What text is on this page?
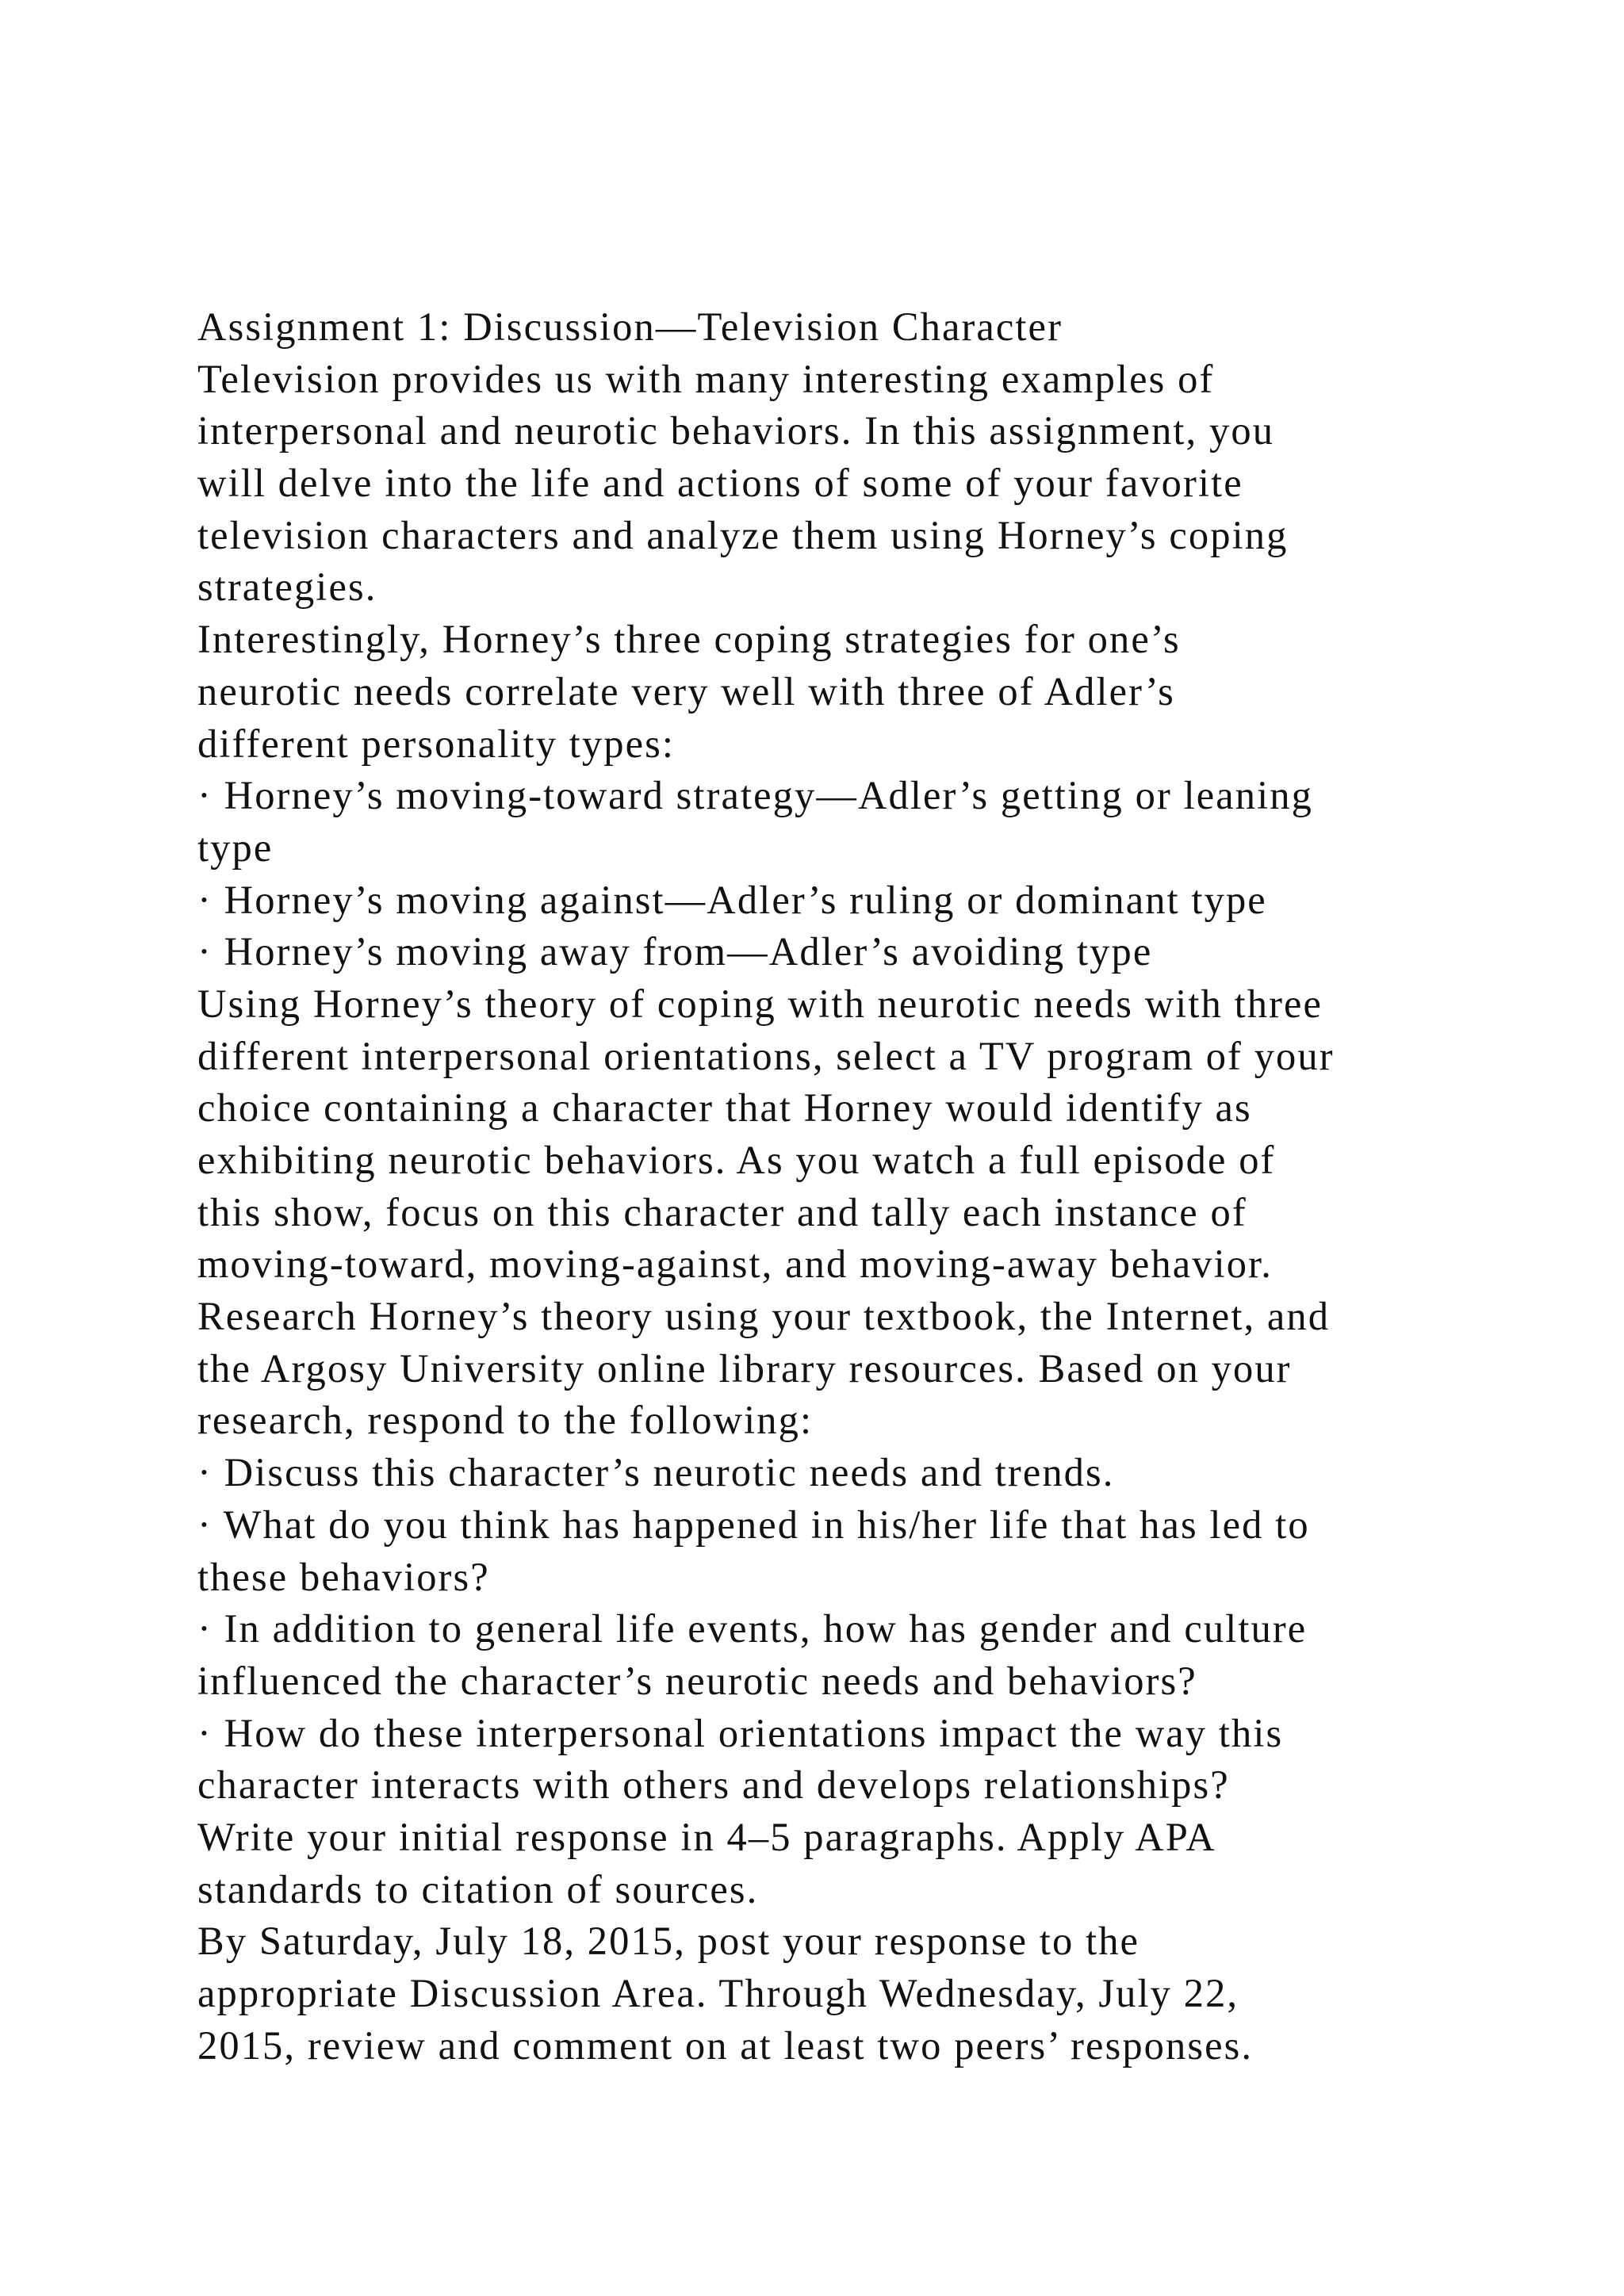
Assignment 1: Discussion—Television Character
Television provides us with many interesting examples of
interpersonal and neurotic behaviors. In this assignment, you
will delve into the life and actions of some of your favorite
television characters and analyze them using Horney’s coping
strategies.
Interestingly, Horney’s three coping strategies for one’s
neurotic needs correlate very well with three of Adler’s
different personality types:
· Horney’s moving-toward strategy—Adler’s getting or leaning
type
· Horney’s moving against—Adler’s ruling or dominant type
· Horney’s moving away from—Adler’s avoiding type
Using Horney’s theory of coping with neurotic needs with three
different interpersonal orientations, select a TV program of your
choice containing a character that Horney would identify as
exhibiting neurotic behaviors. As you watch a full episode of
this show, focus on this character and tally each instance of
moving-toward, moving-against, and moving-away behavior.
Research Horney’s theory using your textbook, the Internet, and
the Argosy University online library resources. Based on your
research, respond to the following:
· Discuss this character’s neurotic needs and trends.
· What do you think has happened in his/her life that has led to
these behaviors?
· In addition to general life events, how has gender and culture
influenced the character’s neurotic needs and behaviors?
· How do these interpersonal orientations impact the way this
character interacts with others and develops relationships?
Write your initial response in 4–5 paragraphs. Apply APA
standards to citation of sources.
By Saturday, July 18, 2015, post your response to the
appropriate Discussion Area. Through Wednesday, July 22,
2015, review and comment on at least two peers’ responses.
